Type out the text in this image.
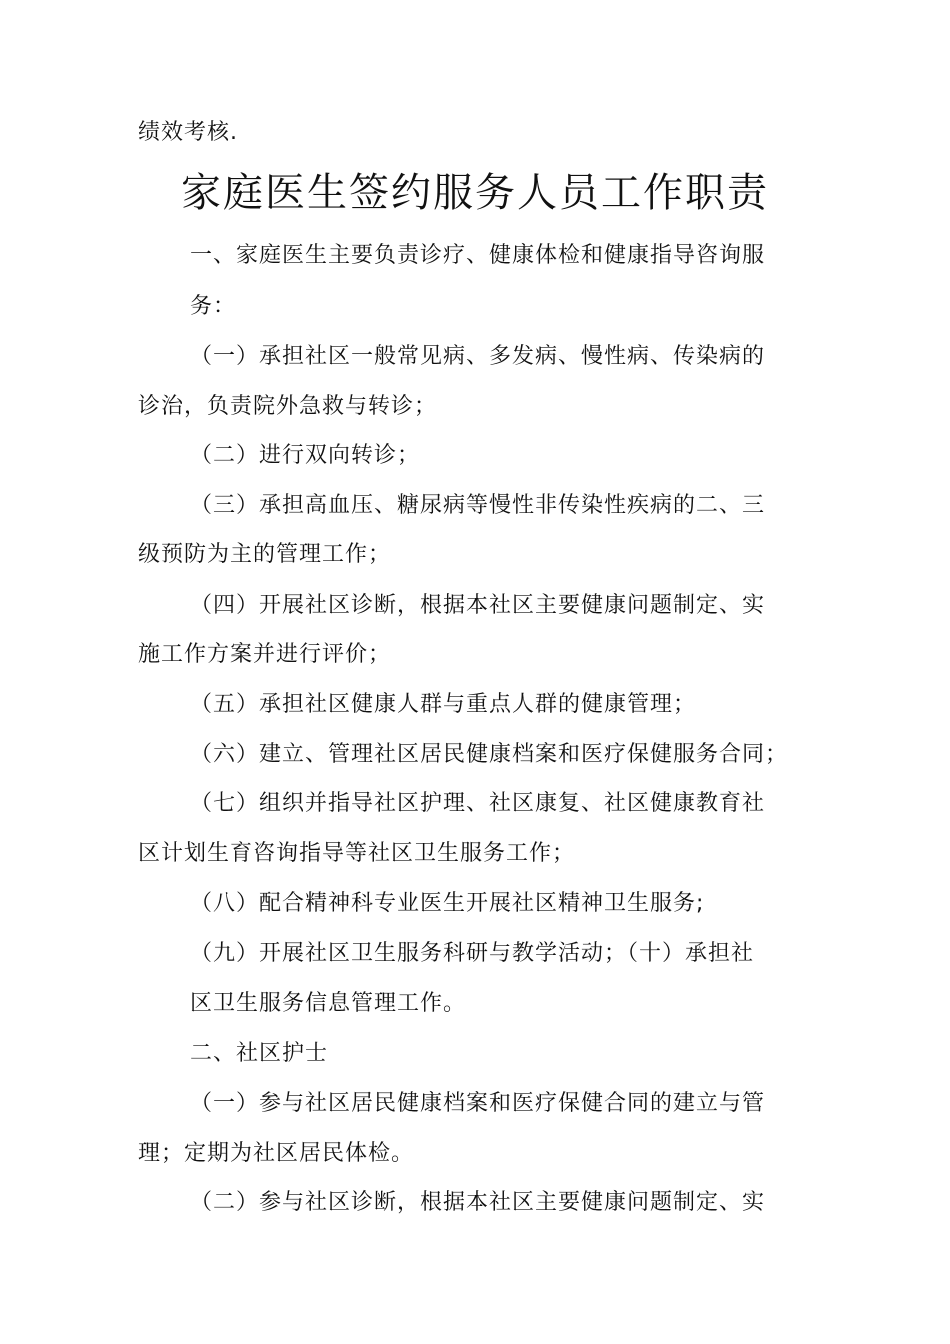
绩效考核.
家庭医生签约服务人员工作职责
一、家庭医生主要负责诊疗、健康体检和健康指导咨询服
务：
（一）承担社区一般常见病、多发病、慢性病、传染病的
诊治，负责院外急救与转诊；
（二）进行双向转诊；
（三）承担高血压、糖尿病等慢性非传染性疾病的二、三
级预防为主的管理工作；
（四）开展社区诊断，根据本社区主要健康问题制定、实
施工作方案并进行评价；
（五）承担社区健康人群与重点人群的健康管理；
（六）建立、管理社区居民健康档案和医疗保健服务合同；
（七）组织并指导社区护理、社区康复、社区健康教育社
区计划生育咨询指导等社区卫生服务工作；
（八）配合精神科专业医生开展社区精神卫生服务;
（九）开展社区卫生服务科研与教学活动；（十）承担社
区卫生服务信息管理工作。
二、社区护士
（一）参与社区居民健康档案和医疗保健合同的建立与管
理；定期为社区居民体检。
（二）参与社区诊断，根据本社区主要健康问题制定、实
